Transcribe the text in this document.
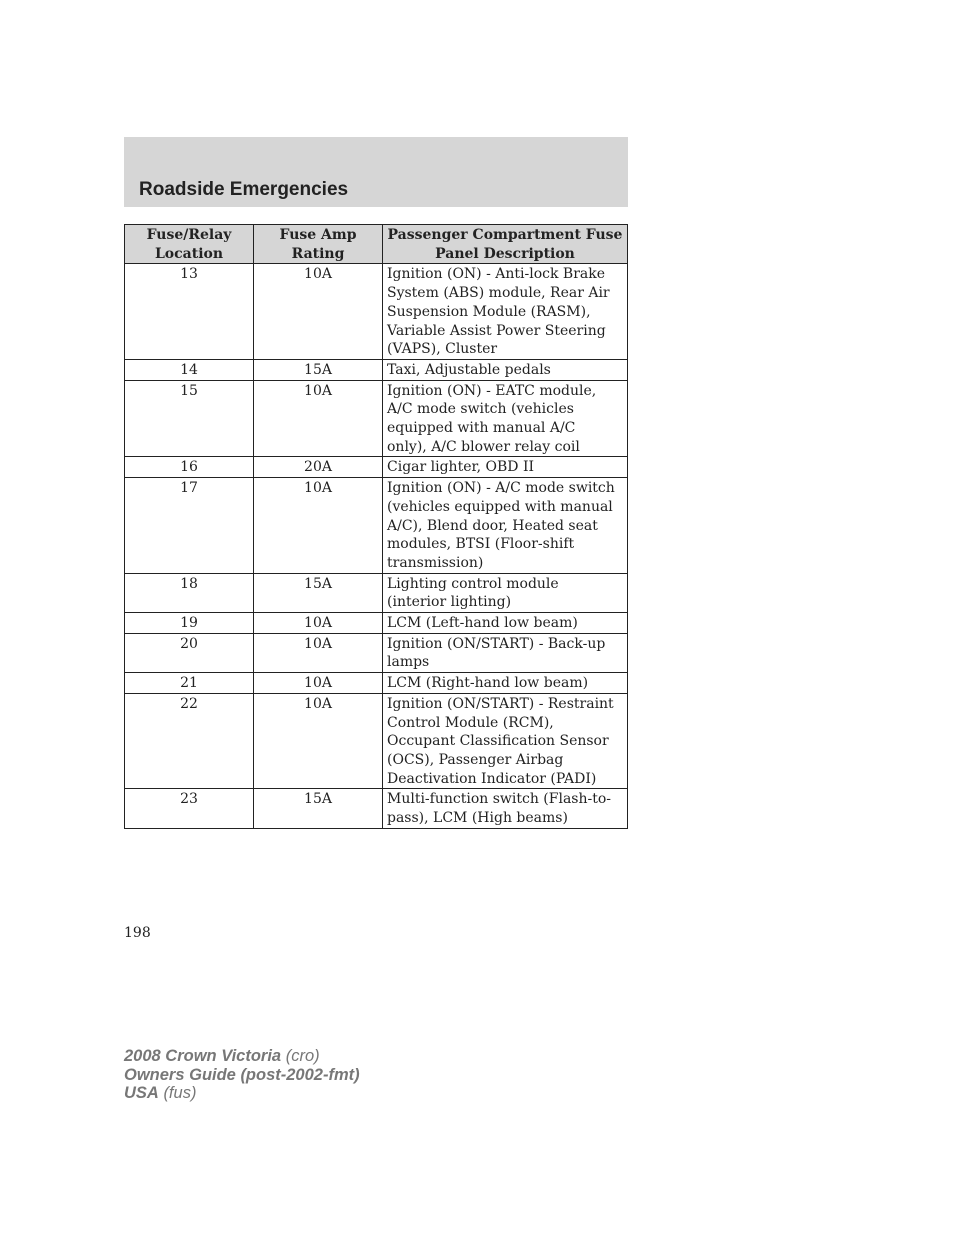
Roadside Emergencies
Fuse/Relay Location	Fuse Amp Rating	Passenger Compartment Fuse Panel Description
13	10A	Ignition (ON) - Anti-lock Brake System (ABS) module, Rear Air Suspension Module (RASM), Variable Assist Power Steering (VAPS), Cluster
14	15A	Taxi, Adjustable pedals
15	10A	Ignition (ON) - EATC module, A/C mode switch (vehicles equipped with manual A/C only), A/C blower relay coil
16	20A	Cigar lighter, OBD II
17	10A	Ignition (ON) - A/C mode switch (vehicles equipped with manual A/C), Blend door, Heated seat modules, BTSI (Floor-shift transmission)
18	15A	Lighting control module (interior lighting)
19	10A	LCM (Left-hand low beam)
20	10A	Ignition (ON/START) - Back-up lamps
21	10A	LCM (Right-hand low beam)
22	10A	Ignition (ON/START) - Restraint Control Module (RCM), Occupant Classification Sensor (OCS), Passenger Airbag Deactivation Indicator (PADI)
23	15A	Multi-function switch (Flash-to-pass), LCM (High beams)
198
2008 Crown Victoria (cro)
Owners Guide (post-2002-fmt)
USA (fus)
